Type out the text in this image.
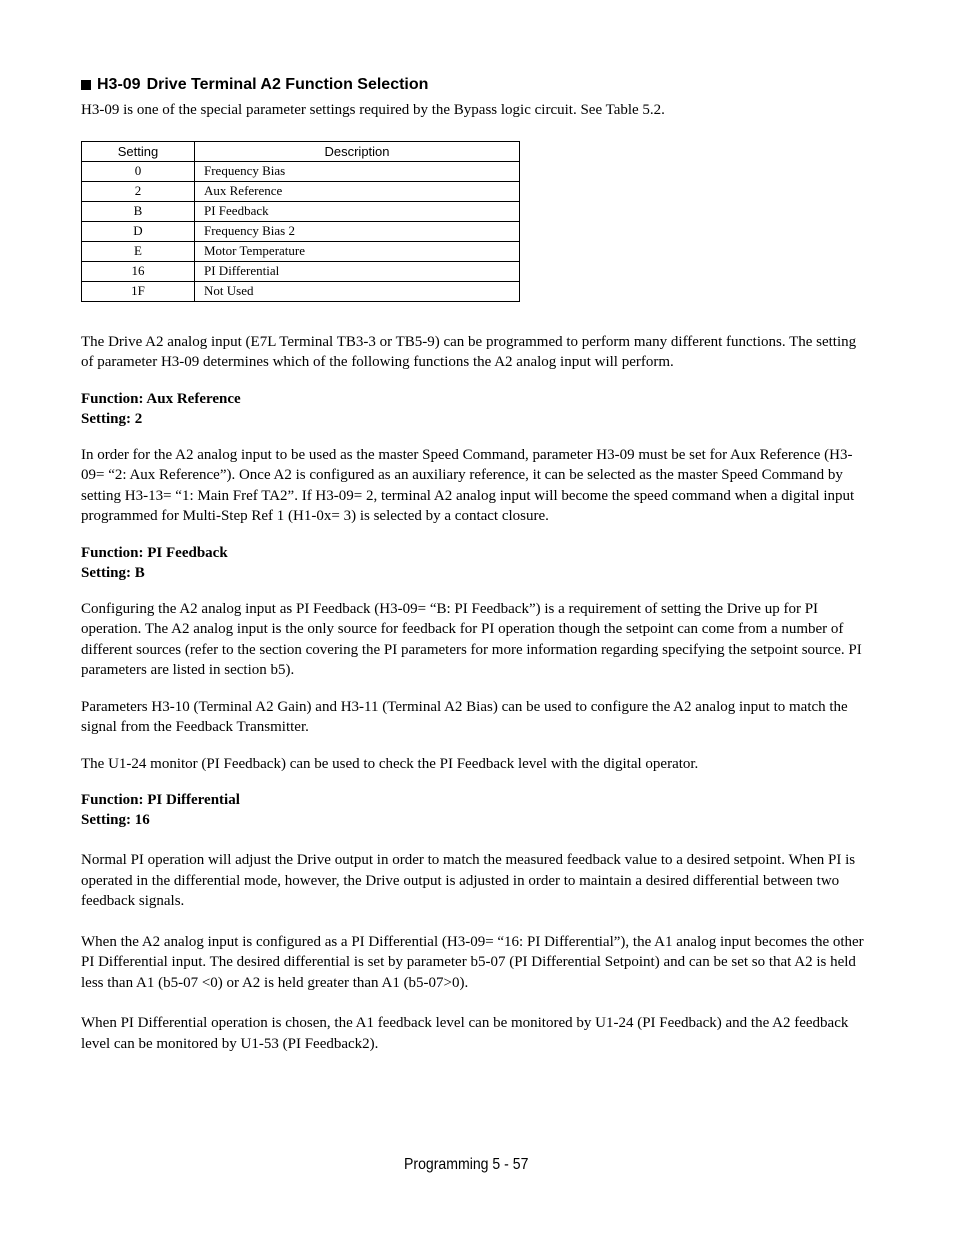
H3-09 Drive Terminal A2 Function Selection

H3-09 is one of the special parameter settings required by the Bypass logic circuit. See Table 5.2.

Setting	Description
0	Frequency Bias
2	Aux Reference
B	PI Feedback
D	Frequency Bias 2
E	Motor Temperature
16	PI Differential
1F	Not Used

The Drive A2 analog input (E7L Terminal TB3-3 or TB5-9) can be programmed to perform many different functions. The setting of parameter H3-09 determines which of the following functions the A2 analog input will perform.

Function: Aux Reference

Setting: 2

In order for the A2 analog input to be used as the master Speed Command, parameter H3-09 must be set for Aux Reference (H3-09= “2: Aux Reference”). Once A2 is configured as an auxiliary reference, it can be selected as the master Speed Command by setting H3-13= “1: Main Fref TA2”. If H3-09= 2, terminal A2 analog input will become the speed command when a digital input programmed for Multi-Step Ref 1 (H1-0x= 3) is selected by a contact closure.

Function: PI Feedback

Setting: B

Configuring the A2 analog input as PI Feedback (H3-09= “B: PI Feedback”) is a requirement of setting the Drive up for PI operation. The A2 analog input is the only source for feedback for PI operation though the setpoint can come from a number of different sources (refer to the section covering the PI parameters for more information regarding specifying the setpoint source. PI parameters are listed in section b5).

Parameters H3-10 (Terminal A2 Gain) and H3-11 (Terminal A2 Bias) can be used to configure the A2 analog input to match the signal from the Feedback Transmitter.

The U1-24 monitor (PI Feedback) can be used to check the PI Feedback level with the digital operator.

Function: PI Differential

Setting: 16

Normal PI operation will adjust the Drive output in order to match the measured feedback value to a desired setpoint. When PI is operated in the differential mode, however, the Drive output is adjusted in order to maintain a desired differential between two feedback signals.

When the A2 analog input is configured as a PI Differential (H3-09= “16: PI Differential”), the A1 analog input becomes the other PI Differential input. The desired differential is set by parameter b5-07 (PI Differential Setpoint) and can be set so that A2 is held less than A1 (b5-07 <0) or A2 is held greater than A1 (b5-07>0).

When PI Differential operation is chosen, the A1 feedback level can be monitored by U1-24 (PI Feedback) and the A2 feedback level can be monitored by U1-53 (PI Feedback2).

Programming 5 - 57
